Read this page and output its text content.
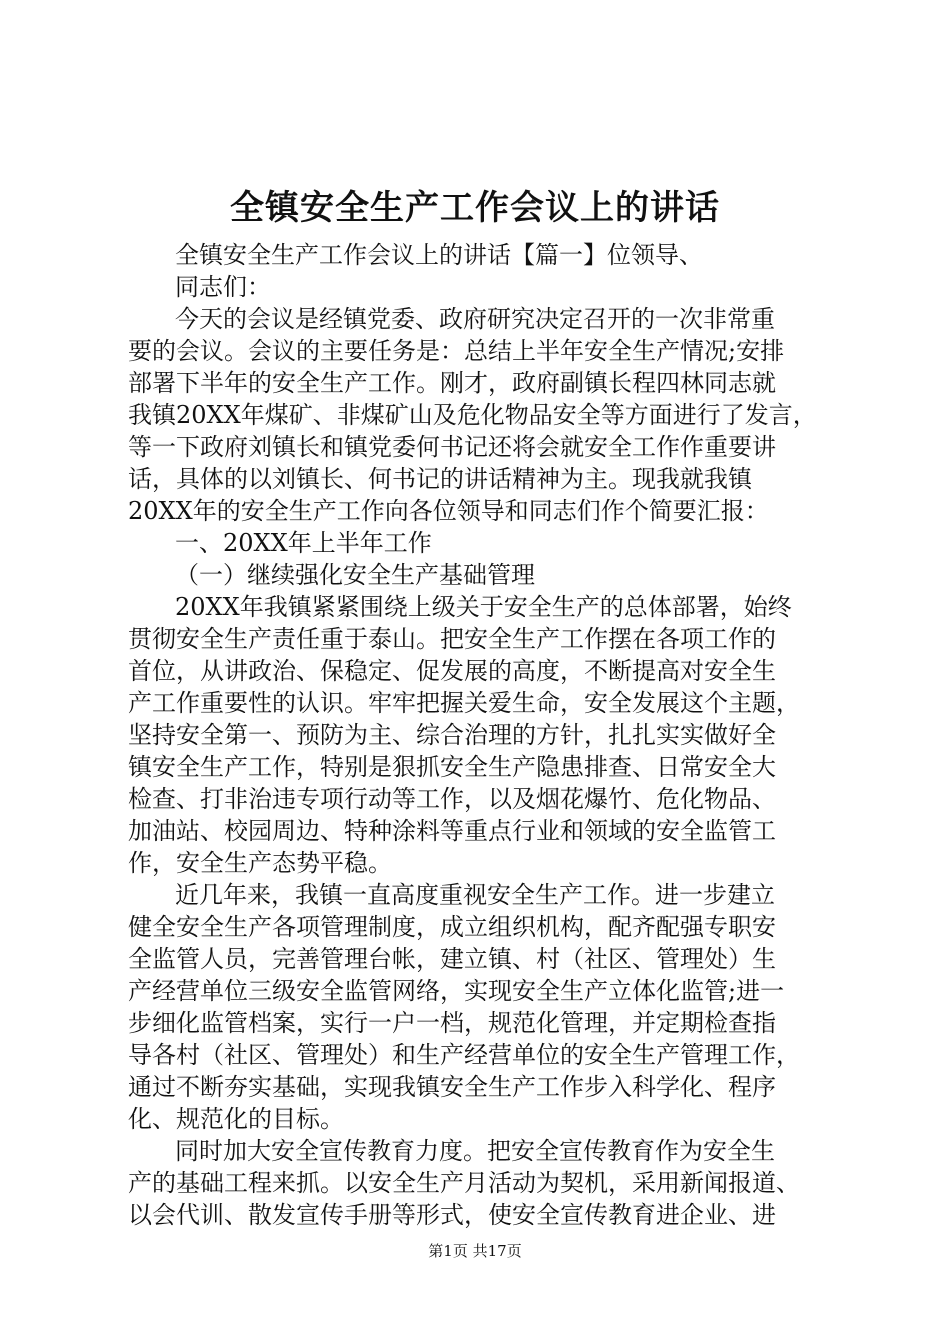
全镇安全生产工作会议上的讲话
全镇安全生产工作会议上的讲话【篇一】位领导、
同志们：
今天的会议是经镇党委、政府研究决定召开的一次非常重
要的会议。会议的主要任务是：总结上半年安全生产情况;安排
部署下半年的安全生产工作。刚才，政府副镇长程四林同志就
我镇20XX年煤矿、非煤矿山及危化物品安全等方面进行了发言，
等一下政府刘镇长和镇党委何书记还将会就安全工作作重要讲
话，具体的以刘镇长、何书记的讲话精神为主。现我就我镇
20XX年的安全生产工作向各位领导和同志们作个简要汇报：
一、20XX年上半年工作
（一）继续强化安全生产基础管理
20XX年我镇紧紧围绕上级关于安全生产的总体部署，始终
贯彻安全生产责任重于泰山。把安全生产工作摆在各项工作的
首位，从讲政治、保稳定、促发展的高度，不断提高对安全生
产工作重要性的认识。牢牢把握关爱生命，安全发展这个主题，
坚持安全第一、预防为主、综合治理的方针，扎扎实实做好全
镇安全生产工作，特别是狠抓安全生产隐患排查、日常安全大
检查、打非治违专项行动等工作，以及烟花爆竹、危化物品、
加油站、校园周边、特种涂料等重点行业和领域的安全监管工
作，安全生产态势平稳。
近几年来，我镇一直高度重视安全生产工作。进一步建立
健全安全生产各项管理制度，成立组织机构，配齐配强专职安
全监管人员，完善管理台帐，建立镇、村（社区、管理处）生
产经营单位三级安全监管网络，实现安全生产立体化监管;进一
步细化监管档案，实行一户一档，规范化管理，并定期检查指
导各村（社区、管理处）和生产经营单位的安全生产管理工作，
通过不断夯实基础，实现我镇安全生产工作步入科学化、程序
化、规范化的目标。
同时加大安全宣传教育力度。把安全宣传教育作为安全生
产的基础工程来抓。以安全生产月活动为契机，采用新闻报道、
以会代训、散发宣传手册等形式，使安全宣传教育进企业、进
第1页 共17页
